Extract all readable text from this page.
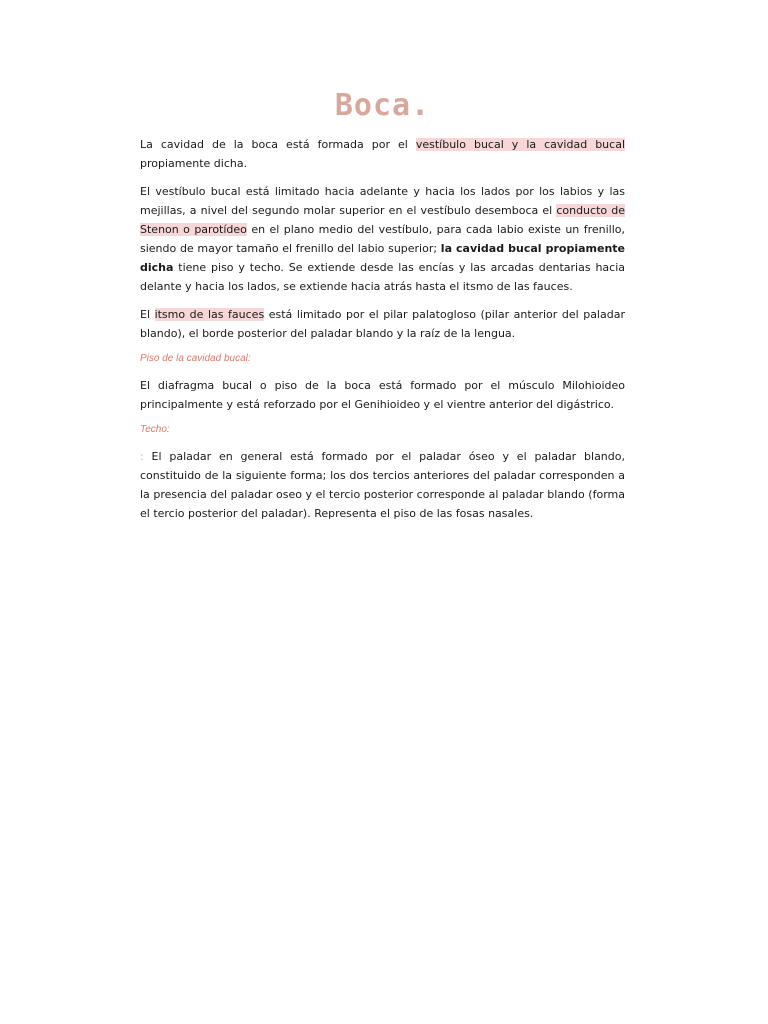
Boca.

La cavidad de la boca está formada por el vestíbulo bucal y la cavidad bucal propiamente dicha.

El vestíbulo bucal está limitado hacia adelante y hacia los lados por los labios y las mejillas, a nivel del segundo molar superior en el vestíbulo desemboca el conducto de Stenon o parotídeo en el plano medio del vestíbulo, para cada labio existe un frenillo, siendo de mayor tamaño el frenillo del labio superior; la cavidad bucal propiamente dicha tiene piso y techo. Se extiende desde las encías y las arcadas dentarias hacia delante y hacia los lados, se extiende hacia atrás hasta el itsmo de las fauces.

El itsmo de las fauces está limitado por el pilar palatogloso (pilar anterior del paladar blando), el borde posterior del paladar blando y la raíz de la lengua.

Piso de la cavidad bucal:

El diafragma bucal o piso de la boca está formado por el músculo Milohioideo principalmente y está reforzado por el Genihioideo y el vientre anterior del digástrico.

Techo:

: El paladar en general está formado por el paladar óseo y el paladar blando, constituido de la siguiente forma; los dos tercios anteriores del paladar corresponden a la presencia del paladar oseo y el tercio posterior corresponde al paladar blando (forma el tercio posterior del paladar). Representa el piso de las fosas nasales.
